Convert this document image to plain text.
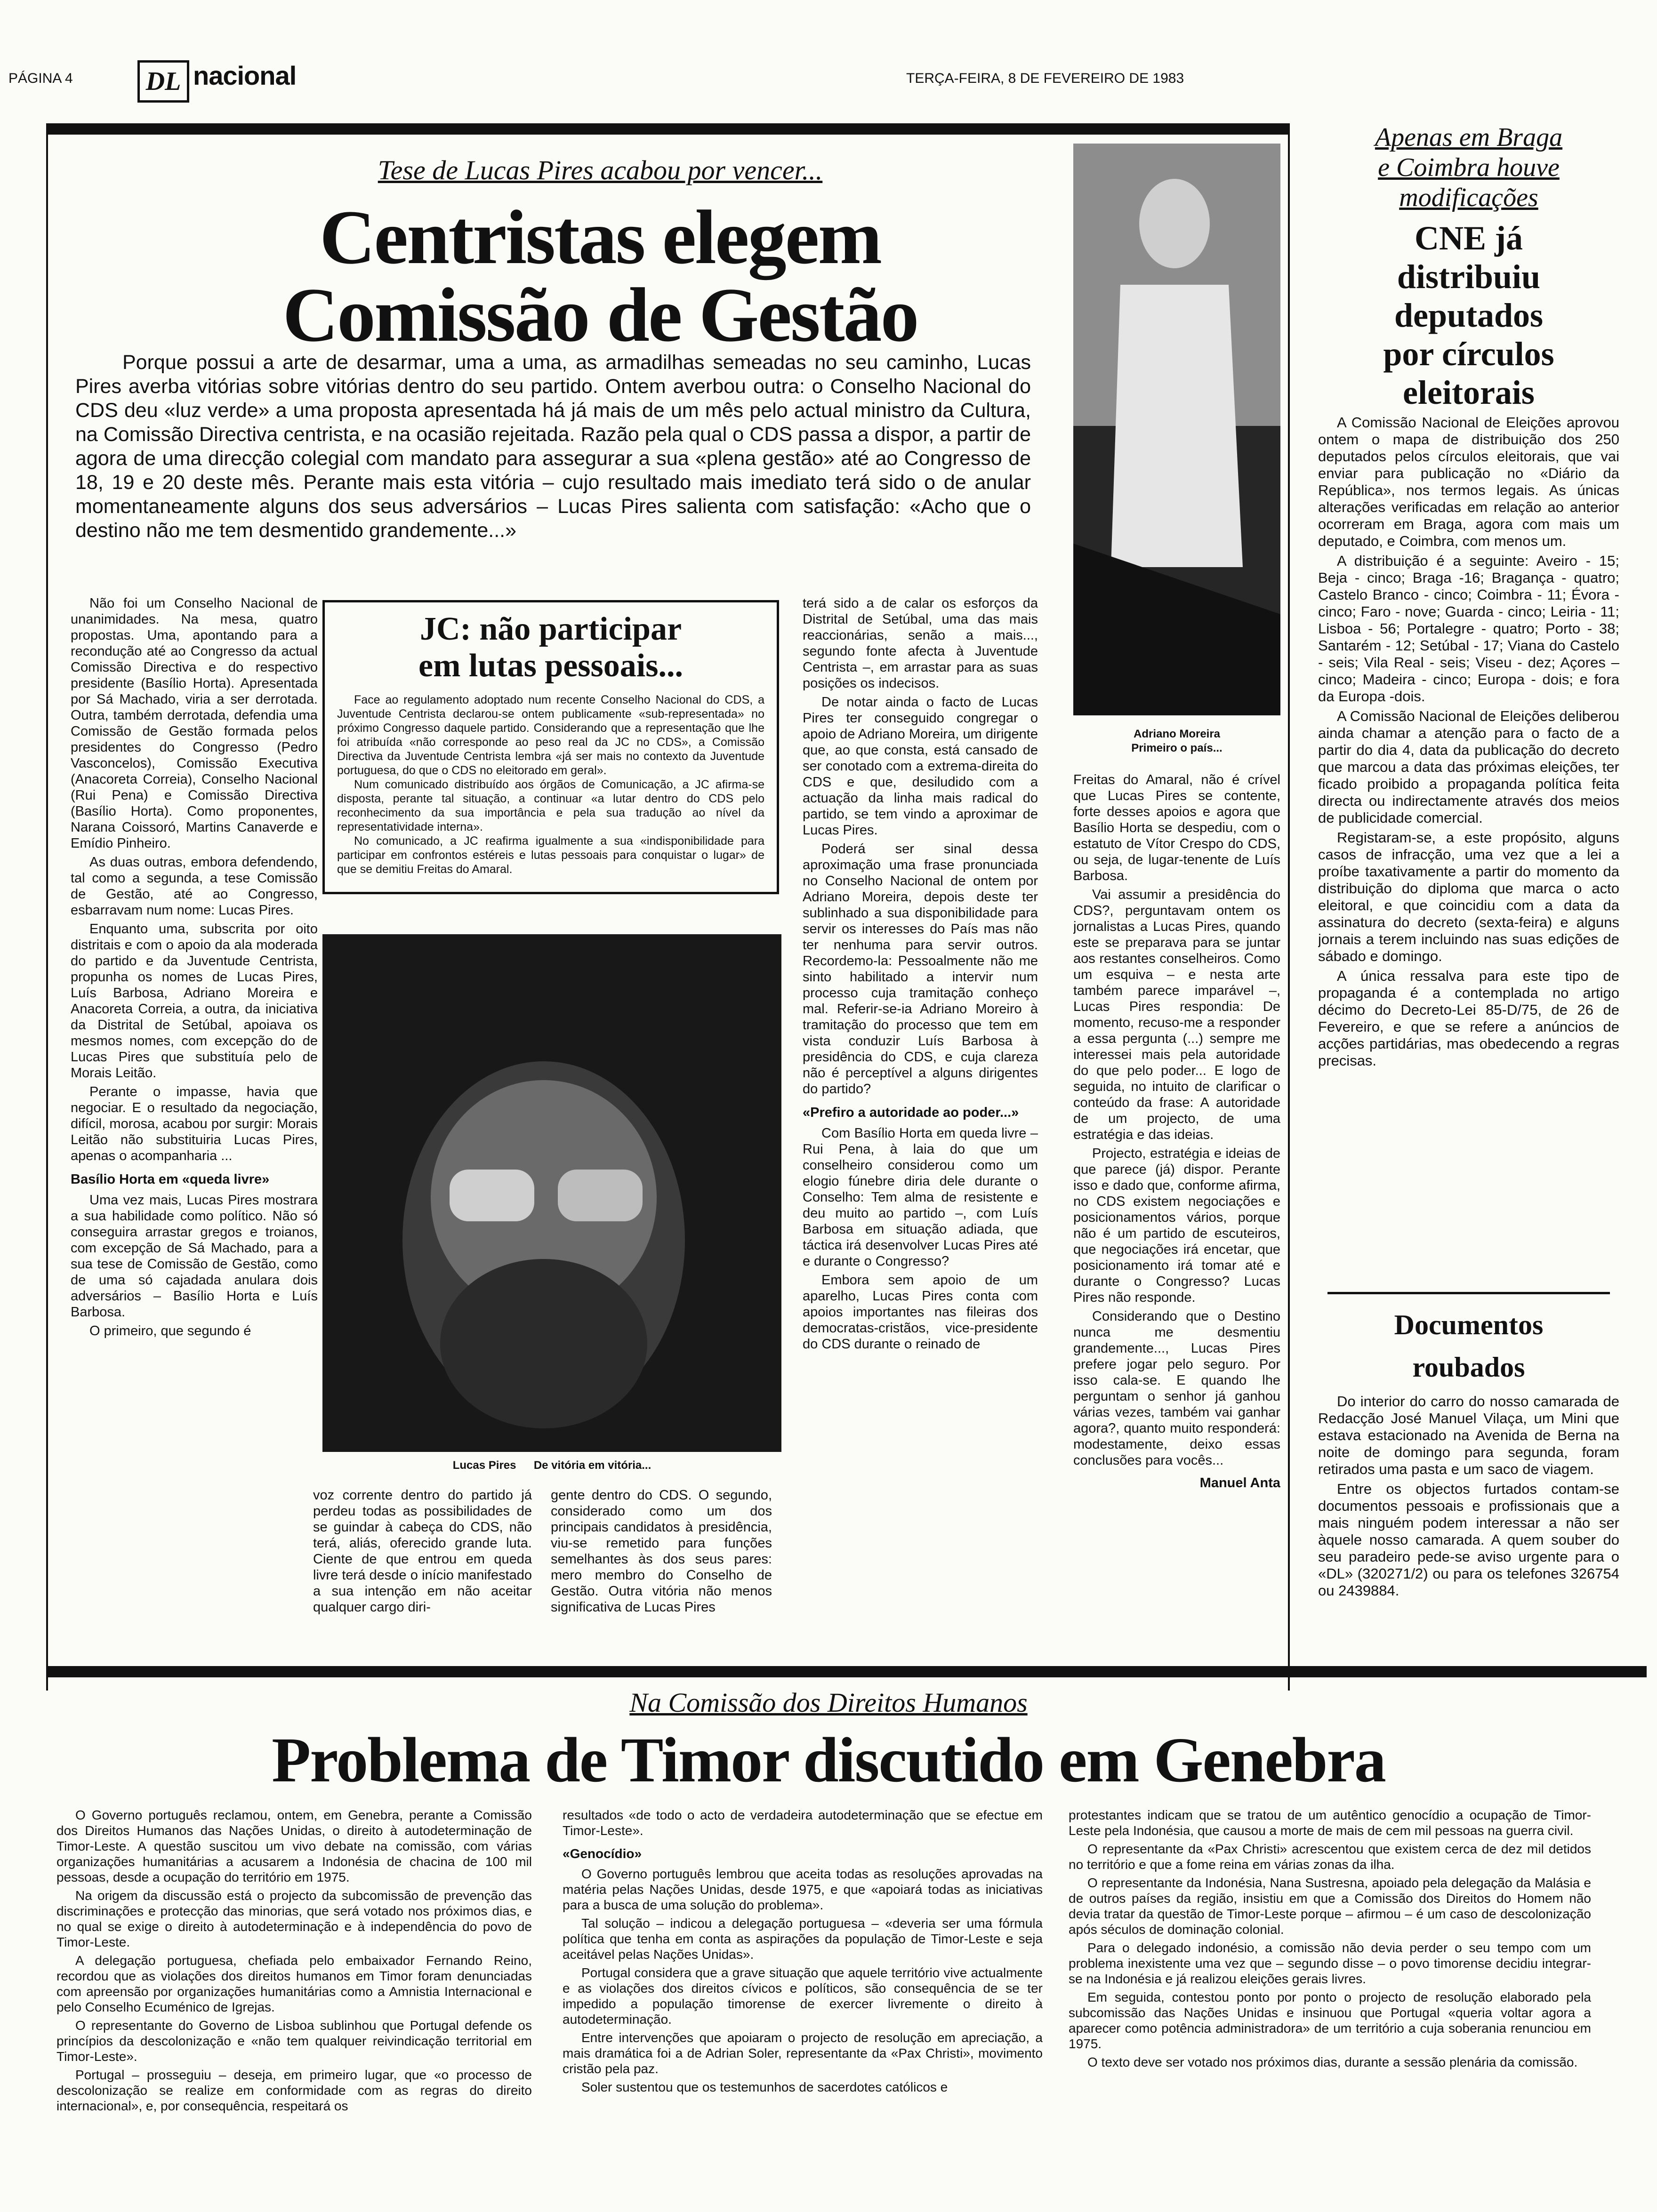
PÁGINA 4	DL nacional	TERÇA-FEIRA, 8 DE FEVEREIRO DE 1983
Tese de Lucas Pires acabou por vencer...
Centristas elegem
Comissão de Gestão
Porque possui a arte de desarmar, uma a uma, as armadilhas semeadas no seu caminho, Lucas Pires averba vitórias sobre vitórias dentro do seu partido. Ontem averbou outra: o Conselho Nacional do CDS deu «luz verde» a uma proposta apresentada há já mais de um mês pelo actual ministro da Cultura, na Comissão Directiva centrista, e na ocasião rejeitada. Razão pela qual o CDS passa a dispor, a partir de agora de uma direcção colegial com mandato para assegurar a sua «plena gestão» até ao Congresso de 18, 19 e 20 deste mês. Perante mais esta vitória – cujo resultado mais imediato terá sido o de anular momentaneamente alguns dos seus adversários – Lucas Pires salienta com satisfação: «Acho que o destino não me tem desmentido grandemente...»

Não foi um Conselho Nacional de unanimidades. Na mesa, quatro propostas. Uma, apontando para a recondução até ao Congresso da actual Comissão Directiva e do respectivo presidente (Basílio Horta). Apresentada por Sá Machado, viria a ser derrotada. Outra, também derrotada, defendia uma Comissão de Gestão formada pelos presidentes do Congresso (Pedro Vasconcelos), Comissão Executiva (Anacoreta Correia), Conselho Nacional (Rui Pena) e Comissão Directiva (Basílio Horta). Como proponentes, Narana Coissoró, Martins Canaverde e Emídio Pinheiro.

As duas outras, embora defendendo, tal como a segunda, a tese Comissão de Gestão, até ao Congresso, esbarravam num nome: Lucas Pires.

Enquanto uma, subscrita por oito distritais e com o apoio da ala moderada do partido e da Juventude Centrista, propunha os nomes de Lucas Pires, Luís Barbosa, Adriano Moreira e Anacoreta Correia, a outra, da iniciativa da Distrital de Setúbal, apoiava os mesmos nomes, com excepção do de Lucas Pires que substituía pelo de Morais Leitão.

Perante o impasse, havia que negociar. E o resultado da negociação, difícil, morosa, acabou por surgir: Morais Leitão não substituiria Lucas Pires, apenas o acompanharia ...

Basílio Horta em «queda livre»

Uma vez mais, Lucas Pires mostrara a sua habilidade como político. Não só conseguira arrastar gregos e troianos, com excepção de Sá Machado, para a sua tese de Comissão de Gestão, como de uma só cajadada anulara dois adversários – Basílio Horta e Luís Barbosa.

O primeiro, que segundo é

JC: não participar
em lutas pessoais...
Face ao regulamento adoptado num recente Conselho Nacional do CDS, a Juventude Centrista declarou-se ontem publicamente «sub-representada» no próximo Congresso daquele partido. Considerando que a representação que lhe foi atribuída «não corresponde ao peso real da JC no CDS», a Comissão Directiva da Juventude Centrista lembra «já ser mais no contexto da Juventude portuguesa, do que o CDS no eleitorado em geral».
Num comunicado distribuído aos órgãos de Comunicação, a JC afirma-se disposta, perante tal situação, a continuar «a lutar dentro do CDS pelo reconhecimento da sua importância e pela sua tradução ao nível da representatividade interna».
No comunicado, a JC reafirma igualmente a sua «indisponibilidade para participar em confrontos estéreis e lutas pessoais para conquistar o lugar» de que se demitiu Freitas do Amaral.
Lucas Pires De vitória em vitória...

voz corrente dentro do partido já perdeu todas as possibilidades de se guindar à cabeça do CDS, não terá, aliás, oferecido grande luta. Ciente de que entrou em queda livre terá desde o início manifestado a sua intenção em não aceitar qualquer cargo diri-

gente dentro do CDS. O segundo, considerado como um dos principais candidatos à presidência, viu-se remetido para funções semelhantes às dos seus pares: mero membro do Conselho de Gestão. Outra vitória não menos significativa de Lucas Pires

terá sido a de calar os esforços da Distrital de Setúbal, uma das mais reaccionárias, senão a mais..., segundo fonte afecta à Juventude Centrista –, em arrastar para as suas posições os indecisos.

De notar ainda o facto de Lucas Pires ter conseguido congregar o apoio de Adriano Moreira, um dirigente que, ao que consta, está cansado de ser conotado com a extrema-direita do CDS e que, desiludido com a actuação da linha mais radical do partido, se tem vindo a aproximar de Lucas Pires.

Poderá ser sinal dessa aproximação uma frase pronunciada no Conselho Nacional de ontem por Adriano Moreira, depois deste ter sublinhado a sua disponibilidade para servir os interesses do País mas não ter nenhuma para servir outros. Recordemo-la: Pessoalmente não me sinto habilitado a intervir num processo cuja tramitação conheço mal. Referir-se-ia Adriano Moreiro à tramitação do processo que tem em vista conduzir Luís Barbosa à presidência do CDS, e cuja clareza não é perceptível a alguns dirigentes do partido?

«Prefiro a autoridade ao poder...»

Com Basílio Horta em queda livre – Rui Pena, à laia do que um conselheiro considerou como um elogio fúnebre diria dele durante o Conselho: Tem alma de resistente e deu muito ao partido –, com Luís Barbosa em situação adiada, que táctica irá desenvolver Lucas Pires até e durante o Congresso?

Embora sem apoio de um aparelho, Lucas Pires conta com apoios importantes nas fileiras dos democratas-cristãos, vice-presidente do CDS durante o reinado de

Adriano Moreira
Primeiro o país...

Freitas do Amaral, não é crível que Lucas Pires se contente, forte desses apoios e agora que Basílio Horta se despediu, com o estatuto de Vítor Crespo do CDS, ou seja, de lugar-tenente de Luís Barbosa.

Vai assumir a presidência do CDS?, perguntavam ontem os jornalistas a Lucas Pires, quando este se preparava para se juntar aos restantes conselheiros. Como um esquiva – e nesta arte também parece imparável –, Lucas Pires respondia: De momento, recuso-me a responder a essa pergunta (...) sempre me interessei mais pela autoridade do que pelo poder... E logo de seguida, no intuito de clarificar o conteúdo da frase: A autoridade de um projecto, de uma estratégia e das ideias.

Projecto, estratégia e ideias de que parece (já) dispor. Perante isso e dado que, conforme afirma, no CDS existem negociações e posicionamentos vários, porque não é um partido de escuteiros, que negociações irá encetar, que posicionamento irá tomar até e durante o Congresso? Lucas Pires não responde.

Considerando que o Destino nunca me desmentiu grandemente..., Lucas Pires prefere jogar pelo seguro. Por isso cala-se. E quando lhe perguntam o senhor já ganhou várias vezes, também vai ganhar agora?, quanto muito responderá: modestamente, deixo essas conclusões para vocês...

Manuel Anta

Apenas em Braga
e Coimbra houve
modificações
CNE já
distribuiu
deputados
por círculos
eleitorais

A Comissão Nacional de Eleições aprovou ontem o mapa de distribuição dos 250 deputados pelos círculos eleitorais, que vai enviar para publicação no «Diário da República», nos termos legais. As únicas alterações verificadas em relação ao anterior ocorreram em Braga, agora com mais um deputado, e Coimbra, com menos um.

A distribuição é a seguinte: Aveiro - 15; Beja - cinco; Braga -16; Bragança - quatro; Castelo Branco - cinco; Coimbra - 11; Évora - cinco; Faro - nove; Guarda - cinco; Leiria - 11; Lisboa - 56; Portalegre - quatro; Porto - 38; Santarém - 12; Setúbal - 17; Viana do Castelo - seis; Vila Real - seis; Viseu - dez; Açores – cinco; Madeira - cinco; Europa - dois; e fora da Europa -dois.

A Comissão Nacional de Eleições deliberou ainda chamar a atenção para o facto de a partir do dia 4, data da publicação do decreto que marcou a data das próximas eleições, ter ficado proibido a propaganda política feita directa ou indirectamente através dos meios de publicidade comercial.

Registaram-se, a este propósito, alguns casos de infracção, uma vez que a lei a proíbe taxativamente a partir do momento da distribuição do diploma que marca o acto eleitoral, e que coincidiu com a data da assinatura do decreto (sexta-feira) e alguns jornais a terem incluindo nas suas edições de sábado e domingo.

A única ressalva para este tipo de propaganda é a contemplada no artigo décimo do Decreto-Lei 85-D/75, de 26 de Fevereiro, e que se refere a anúncios de acções partidárias, mas obedecendo a regras precisas.

Documentos
roubados

Do interior do carro do nosso camarada de Redacção José Manuel Vilaça, um Mini que estava estacionado na Avenida de Berna na noite de domingo para segunda, foram retirados uma pasta e um saco de viagem.

Entre os objectos furtados contam-se documentos pessoais e profissionais que a mais ninguém podem interessar a não ser àquele nosso camarada. A quem souber do seu paradeiro pede-se aviso urgente para o «DL» (320271/2) ou para os telefones 326754 ou 2439884.

Na Comissão dos Direitos Humanos
Problema de Timor discutido em Genebra

O Governo português reclamou, ontem, em Genebra, perante a Comissão dos Direitos Humanos das Nações Unidas, o direito à autodeterminação de Timor-Leste. A questão suscitou um vivo debate na comissão, com várias organizações humanitárias a acusarem a Indonésia de chacina de 100 mil pessoas, desde a ocupação do território em 1975.

Na origem da discussão está o projecto da subcomissão de prevenção das discriminações e protecção das minorias, que será votado nos próximos dias, e no qual se exige o direito à autodeterminação e à independência do povo de Timor-Leste.

A delegação portuguesa, chefiada pelo embaixador Fernando Reino, recordou que as violações dos direitos humanos em Timor foram denunciadas com apreensão por organizações humanitárias como a Amnistia Internacional e pelo Conselho Ecuménico de Igrejas.

O representante do Governo de Lisboa sublinhou que Portugal defende os princípios da descolonização e «não tem qualquer reivindicação territorial em Timor-Leste».

Portugal – prosseguiu – deseja, em primeiro lugar, que «o processo de descolonização se realize em conformidade com as regras do direito internacional», e, por consequência, respeitará os

resultados «de todo o acto de verdadeira autodeterminação que se efectue em Timor-Leste».

«Genocídio»

O Governo português lembrou que aceita todas as resoluções aprovadas na matéria pelas Nações Unidas, desde 1975, e que «apoiará todas as iniciativas para a busca de uma solução do problema».

Tal solução – indicou a delegação portuguesa – «deveria ser uma fórmula política que tenha em conta as aspirações da população de Timor-Leste e seja aceitável pelas Nações Unidas».

Portugal considera que a grave situação que aquele território vive actualmente e as violações dos direitos cívicos e políticos, são consequência de se ter impedido a população timorense de exercer livremente o direito à autodeterminação.

Entre intervenções que apoiaram o projecto de resolução em apreciação, a mais dramática foi a de Adrian Soler, representante da «Pax Christi», movimento cristão pela paz.

Soler sustentou que os testemunhos de sacerdotes católicos e

protestantes indicam que se tratou de um autêntico genocídio a ocupação de Timor-Leste pela Indonésia, que causou a morte de mais de cem mil pessoas na guerra civil.

O representante da «Pax Christi» acrescentou que existem cerca de dez mil detidos no território e que a fome reina em várias zonas da ilha.

O representante da Indonésia, Nana Sustresna, apoiado pela delegação da Malásia e de outros países da região, insistiu em que a Comissão dos Direitos do Homem não devia tratar da questão de Timor-Leste porque – afirmou – é um caso de descolonização após séculos de dominação colonial.

Para o delegado indonésio, a comissão não devia perder o seu tempo com um problema inexistente uma vez que – segundo disse – o povo timorense decidiu integrar-se na Indonésia e já realizou eleições gerais livres.

Em seguida, contestou ponto por ponto o projecto de resolução elaborado pela subcomissão das Nações Unidas e insinuou que Portugal «queria voltar agora a aparecer como potência administradora» de um território a cuja soberania renunciou em 1975.

O texto deve ser votado nos próximos dias, durante a sessão plenária da comissão.
